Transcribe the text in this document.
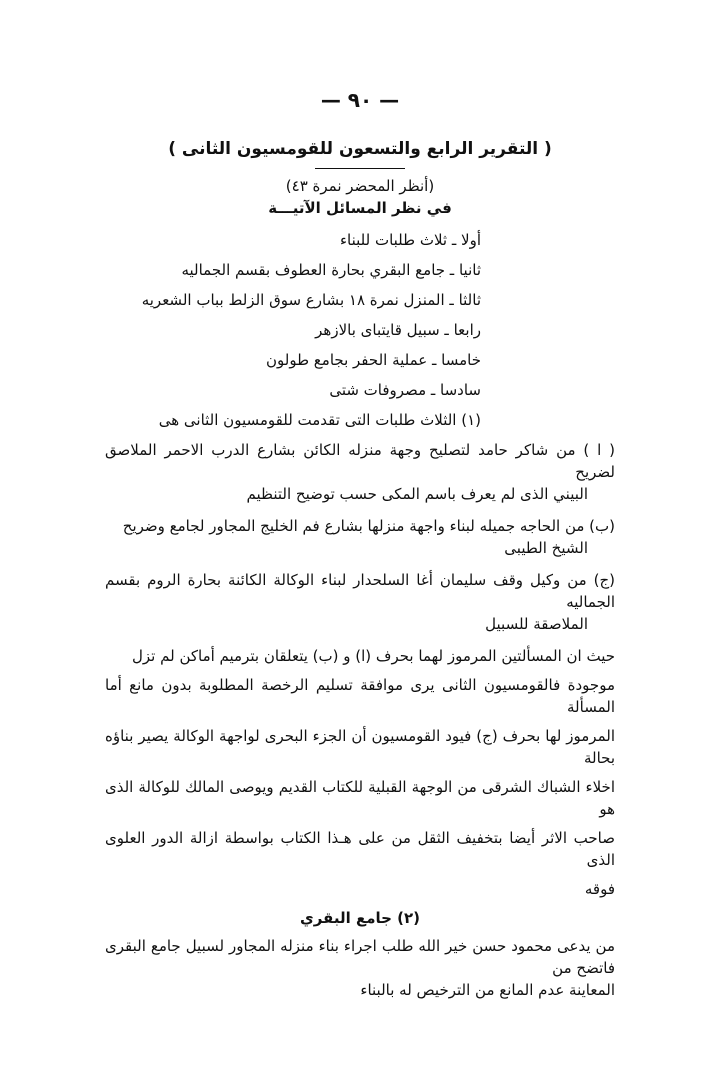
— ٩٠ —
( التقرير الرابع والتسعون للقومسيون الثانى )
(أنظر المحضر نمرة ٤٣)
في نظر المسائل الآتيـــة
أولا ـ ثلاث طلبات للبناء
ثانيا ـ جامع البقري بحارة العطوف بقسم الجماليه
ثالثا ـ المنزل نمرة ١٨ بشارع سوق الزلط بباب الشعريه
رابعا ـ سبيل قايتباى بالازهر
خامسا ـ عملية الحفر بجامع طولون
سادسا ـ مصروفات شتى
(١) الثلاث طلبات التى تقدمت للقومسيون الثانى هى
( ا ) من شاكر حامد لتصليح وجهة منزله الكائن بشارع الدرب الاحمر الملاصق لضريح
البيني الذى لم يعرف باسم المكى حسب توضيح التنظيم
(ب) من الحاجه جميله لبناء واجهة منزلها بشارع فم الخليج المجاور لجامع وضريح
الشيخ الطيبى
(ج) من وكيل وقف سليمان أغا السلحدار لبناء الوكالة الكائنة بحارة الروم بقسم الجماليه
الملاصقة للسبيل
حيث ان المسألتين المرموز لهما بحرف (ا) و (ب) يتعلقان بترميم أماكن لم تزل
موجودة فالقومسيون الثانى يرى موافقة تسليم الرخصة المطلوبة بدون مانع أما المسألة
المرموز لها بحرف (ج) فيود القومسيون أن الجزء البحرى لواجهة الوكالة يصير بناؤه بحالة
اخلاء الشباك الشرقى من الوجهة القبلية للكتاب القديم ويوصى المالك للوكالة الذى هو
صاحب الاثر أيضا بتخفيف الثقل من على هـذا الكتاب بواسطة ازالة الدور العلوى الذى
فوقه
(٢) جامع البقري
من يدعى محمود حسن خير الله طلب اجراء بناء منزله المجاور لسبيل جامع البقرى فاتضح من
المعاينة عدم المانع من الترخيص له بالبناء
